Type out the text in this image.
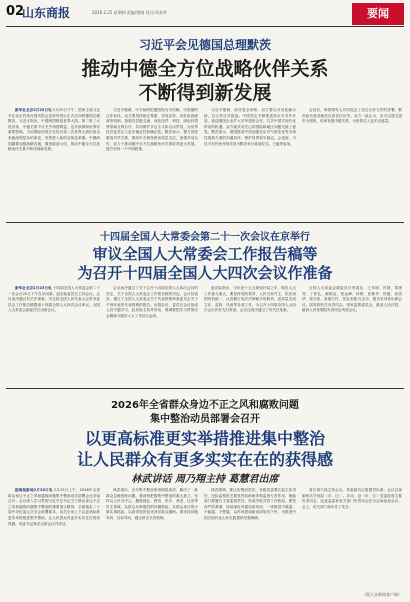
02
山东商报	2026.2.25 星期四 责编/曾刚 设计/邓金华	要闻
习近平会见德国总理默茨
推动中德全方位战略伙伴关系
不断得到新发展

新华社北京2月25日电 2月25日下午，国家主席习近平在北京钓鱼台国宾馆会见来华进行正式访问的德国总理默茨。习近平指出，中德两国都是世界大国，第二第三大经济体，中德关系不仅关乎两国利益，也对欧洲和世界有重要影响。当前国际形势正在经历第二次世界大战结束以来最深刻复杂的演变，世界进入新的动荡变革期。中德两国越要加强战略沟通，增进政治互信，推动中德全方位战略伙伴关系不断得到新发展。

习近平强调，中方始终把德国视为可信赖、可预期的合作伙伴。双方要坚持相互尊重、求同存异，用好政府磋商等机制，加强各层级交流，深化经贸、科技、绿色转型等领域互利合作，共同维护多边主义和自由贸易，为世界经济复苏注入更多稳定性和确定性。默茨表示，德方高度重视对华关系，愿同中方保持密切高层交往，加强对话合作，致力于推动德中全方位战略伙伴关系取得更大发展。德方坚持一个中国政策。

习近平强调，面对复杂形势，双方要以对话化解分歧，以合作应对挑战。中国坚定不移推进高水平对外开放，欢迎德国企业扩大对华投资合作，共享中国式现代化带来的机遇。双方就共同关心的国际和地区问题交换了意见。默茨表示，德国愿同中国加强在应对气候变化等全球性挑战方面的沟通协作，维护世界和平稳定。会见前，习近平在钓鱼台国宾馆为默茨举行欢迎仪式。王毅等参加。

会谈后，两国领导人共同见证了双边合作文件的签署。默茨此访是其就任以来首次访华。双方一致认为，应当以建交周年为契机，传承发展中德关系，为世界注入更多正能量。

十四届全国人大常委会第二十一次会议在京举行
审议全国人大常委会工作报告稿等
为召开十四届全国人大四次会议作准备

新华社北京2月25日电 十四届全国人大常委会第二十一次会议25日下午在京闭幕。赵乐际委员长主持会议。会议表决通过有关法律案，决定将全国人民代表大会常务委员会工作报告稿提请十四届全国人大四次会议审议。全国人大常委会副委员长出席会议。

会议表决通过了关于召开十四届全国人大四次会议的决定、关于全国人大常委会工作报告稿的决定。会议经表决，通过了全国人大常委会关于代表资格审查委员会关于个别代表的代表资格的报告。闭幕会后，委员长会议组成人员专题学习。赵乐际主持并讲话，强调要把学习贯彻全会精神与做好人大工作结合起来。

赵乐际指出，今年是十五五规划开局之年，做好人大工作意义重大。要坚持党的领导、人民当家作主、依法治国有机统一，认真履行宪法法律赋予的职责，高质量完成立法、监督、代表等各项工作，为召开十四届全国人大四次会议作好充分准备。会议还表决通过了有关任免案。

全国人大常委会副委员长李鸿忠、王东明、肖捷、郑建邦、丁仲礼、郝明金、蔡达峰、何维、武维华、铁凝、彭清华、张庆伟、洛桑江村、雪克来提·扎克尔，秘书长刘奇出席会议。国务院有关负责同志，国家监察委员会、最高人民法院、最高人民检察院负责同志列席会议。

2026年全省群众身边不正之风和腐败问题
集中整治动员部署会召开
以更高标准更实举措推进集中整治
让人民群众有更多实实在在的获得感
林武讲话 周乃翔主持 葛慧君出席

据海报新闻2月25日电 2月25日上午，2026年全省群众身边不正之风和腐败问题集中整治动员部署会在济南召开。会议深入学习贯彻习近平总书记关于群众身边不正之风和腐败问题集中整治的重要指示精神，全面落实二十届中央纪委五次全会部署要求，动员全省上下以更高标准更实举措推进集中整治，让人民群众有更多实实在在的获得感。省委书记林武出席会议并讲话。

林武指出，去年集中整治取得明显成效，解决了一批群众急难愁盼问题。要深刻把握集中整治的重大意义，坚持以人民为中心，聚焦就业、教育、医疗、养老、住房等民生领域，从群众反映强烈的问题抓起，从群众身边的小事实事抓起，以看得见的变化回应群众期盼。要坚持问题导向、目标导向，健全常态长效机制。

林武强调，要压实整治责任，各级党委要扛起主体责任，纪检监察机关要发挥协助职责和监督专责作用，职能部门要履行主管监管责任，形成齐抓共管工作格局。要坚持严的基调，持续深化风腐同查同治，一体推进不敢腐、不能腐、不想腐，以作风建设新成效取信于民，为推进中国式现代化山东实践提供坚强保障。

省长周乃翔主持会议。省委副书记葛慧君出席。会议以视频形式开到县（市、区）。各市、县（市、区）党委政府主要负责同志，纪委监委和有关部门负责同志在分会场参加会议。会上，有关部门和市作了发言。

（据大众新闻客户端）
